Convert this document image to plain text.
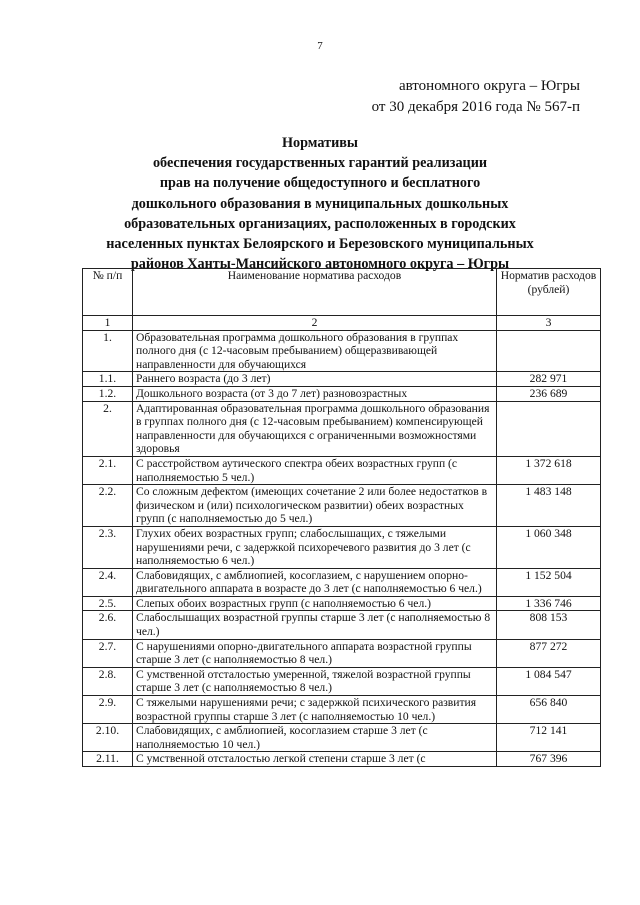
7
автономного округа – Югры
от 30 декабря 2016 года № 567-п
Нормативы
обеспечения государственных гарантий реализации
прав на получение общедоступного и бесплатного
дошкольного образования в муниципальных дошкольных
образовательных организациях, расположенных в городских
населенных пунктах Белоярского и Березовского муниципальных
районов Ханты-Мансийского автономного округа – Югры
№ п/п	Наименование норматива расходов	Норматив расходов (рублей)
1	2	3
1.	Образовательная программа дошкольного образования в группах полного дня (с 12-часовым пребыванием) общеразвивающей направленности для обучающихся	
1.1.	Раннего возраста (до 3 лет)	282 971
1.2.	Дошкольного возраста (от 3 до 7 лет) разновозрастных	236 689
2.	Адаптированная образовательная программа дошкольного образования в группах полного дня (с 12-часовым пребыванием) компенсирующей направленности для обучающихся с ограниченными возможностями здоровья	
2.1.	С расстройством аутического спектра обеих возрастных групп (с наполняемостью 5 чел.)	1 372 618
2.2.	Со сложным дефектом (имеющих сочетание 2 или более недостатков в физическом и (или) психологическом развитии) обеих возрастных групп (с наполняемостью до 5 чел.)	1 483 148
2.3.	Глухих обеих возрастных групп; слабослышащих, с тяжелыми нарушениями речи, с задержкой психоречевого развития до 3 лет (с наполняемостью 6 чел.)	1 060 348
2.4.	Слабовидящих, с амблиопией, косоглазием, с нарушением опорно-двигательного аппарата в возрасте до 3 лет (с наполняемостью 6 чел.)	1 152 504
2.5.	Слепых обоих возрастных групп (с наполняемостью 6 чел.)	1 336 746
2.6.	Слабослышащих возрастной группы старше 3 лет (с наполняемостью 8 чел.)	808 153
2.7.	С нарушениями опорно-двигательного аппарата возрастной группы старше 3 лет (с наполняемостью 8 чел.)	877 272
2.8.	С умственной отсталостью умеренной, тяжелой возрастной группы старше 3 лет (с наполняемостью 8 чел.)	1 084 547
2.9.	С тяжелыми нарушениями речи; с задержкой психического развития возрастной группы старше 3 лет (с наполняемостью 10 чел.)	656 840
2.10.	Слабовидящих, с амблиопией, косоглазием старше 3 лет (с наполняемостью 10 чел.)	712 141
2.11.	С умственной отсталостью легкой степени старше 3 лет (с	767 396
